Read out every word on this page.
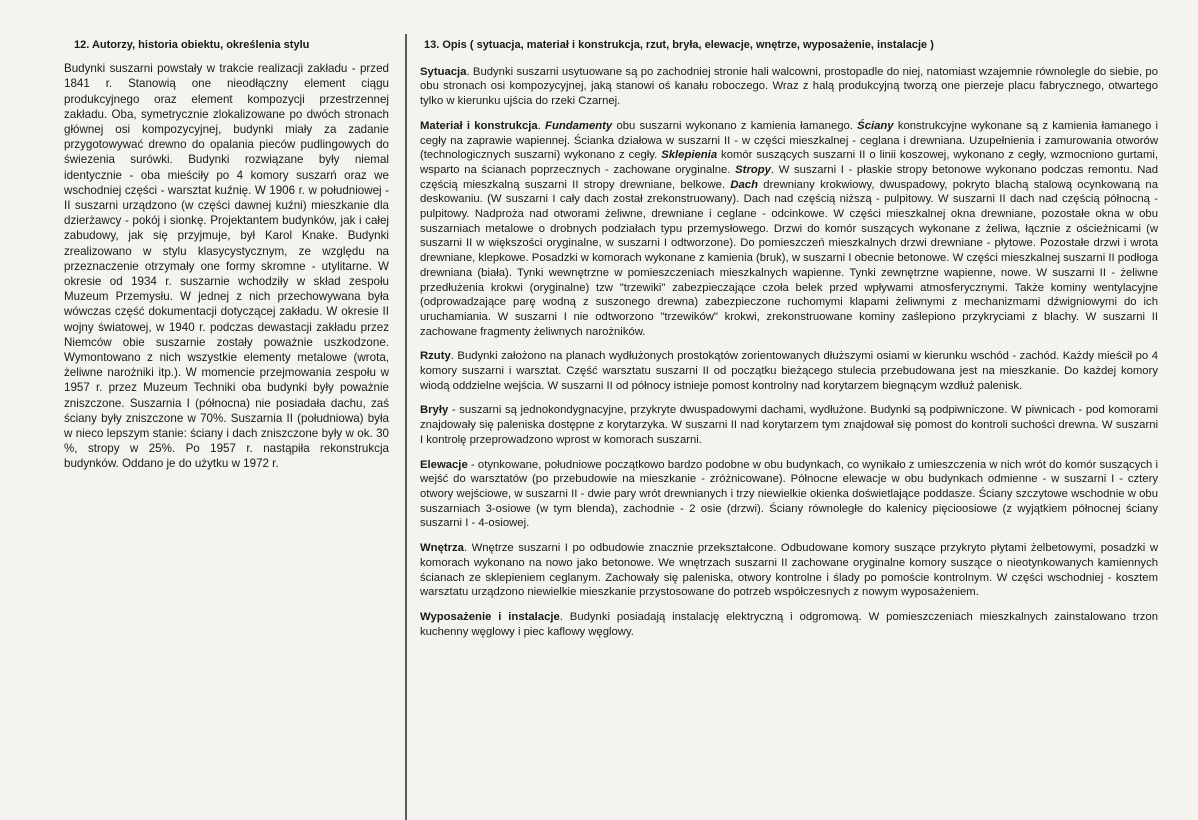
12. Autorzy, historia obiektu, określenia stylu

Budynki suszarni powstały w trakcie realizacji zakładu - przed 1841 r. Stanowią one nieodłączny element ciągu produkcyjnego oraz element kompozycji przestrzennej zakładu. Oba, symetrycznie zlokalizowane po dwóch stronach głównej osi kompozycyjnej, budynki miały za zadanie przygotowywać drewno do opalania pieców pudlingowych do świezenia surówki. Budynki rozwiązane były niemal identycznie - oba mieściły po 4 komory suszarń oraz we wschodniej części - warsztat kuźnię. W 1906 r. w południowej - II suszarni urządzono (w części dawnej kuźni) mieszkanie dla dzierżawcy - pokój i sionkę. Projektantem budynków, jak i całej zabudowy, jak się przyjmuje, był Karol Knake. Budynki zrealizowano w stylu klasycystycznym, ze względu na przeznaczenie otrzymały one formy skromne - utylitarne. W okresie od 1934 r. suszarnie wchodziły w skład zespołu Muzeum Przemysłu. W jednej z nich przechowywana była wówczas część dokumentacji dotyczącej zakładu. W okresie II wojny światowej, w 1940 r. podczas dewastacji zakładu przez Niemców obie suszarnie zostały poważnie uszkodzone. Wymontowano z nich wszystkie elementy metalowe (wrota, żeliwne narożniki itp.). W momencie przejmowania zespołu w 1957 r. przez Muzeum Techniki oba budynki były poważnie zniszczone. Suszarnia I (północna) nie posiadała dachu, zaś ściany były zniszczone w 70%. Suszarnia II (południowa) była w nieco lepszym stanie: ściany i dach zniszczone były w ok. 30 %, stropy w 25%. Po 1957 r. nastąpiła rekonstrukcja budynków. Oddano je do użytku w 1972 r.

13. Opis ( sytuacja, materiał i konstrukcja, rzut, bryła, elewacje, wnętrze, wyposażenie, instalacje )

Sytuacja. Budynki suszarni usytuowane są po zachodniej stronie hali walcowni, prostopadle do niej, natomiast wzajemnie równolegle do siebie, po obu stronach osi kompozycyjnej, jaką stanowi oś kanału roboczego. Wraz z halą produkcyjną tworzą one pierzeje placu fabrycznego, otwartego tylko w kierunku ujścia do rzeki Czarnej.

Materiał i konstrukcja. Fundamenty obu suszarni wykonano z kamienia łamanego. Ściany konstrukcyjne wykonane są z kamienia łamanego i cegły na zaprawie wapiennej. Ścianka działowa w suszarni II - w części mieszkalnej - ceglana i drewniana. Uzupełnienia i zamurowania otworów (technologicznych suszarni) wykonano z cegły. Sklepienia komór suszących suszarni II o linii koszowej, wykonano z cegły, wzmocniono gurtami, wsparto na ścianach poprzecznych - zachowane oryginalne. Stropy. W suszarni I - płaskie stropy betonowe wykonano podczas remontu. Nad częścią mieszkalną suszarni II stropy drewniane, belkowe. Dach drewniany krokwiowy, dwuspadowy, pokryto blachą stalową ocynkowaną na deskowaniu. (W suszarni I cały dach został zrekonstruowany). Dach nad częścią niższą - pulpitowy. W suszarni II dach nad częścią północną - pulpitowy. Nadproża nad otworami żeliwne, drewniane i ceglane - odcinkowe. W części mieszkalnej okna drewniane, pozostałe okna w obu suszarniach metalowe o drobnych podziałach typu przemysłowego. Drzwi do komór suszących wykonane z żeliwa, łącznie z ościeżnicami (w suszarni II w większości oryginalne, w suszarni I odtworzone). Do pomieszczeń mieszkalnych drzwi drewniane - płytowe. Pozostałe drzwi i wrota drewniane, klepkowe. Posadzki w komorach wykonane z kamienia (bruk), w suszarni I obecnie betonowe. W części mieszkalnej suszarni II podłoga drewniana (biała). Tynki wewnętrzne w pomieszczeniach mieszkalnych wapienne. Tynki zewnętrzne wapienne, nowe. W suszarni II - żeliwne przedłużenia krokwi (oryginalne) tzw "trzewiki" zabezpieczające czoła belek przed wpływami atmosferycznymi. Także kominy wentylacyjne (odprowadzające parę wodną z suszonego drewna) zabezpieczone ruchomymi klapami żeliwnymi z mechanizmami dźwigniowymi do ich uruchamiania. W suszarni I nie odtworzono "trzewików" krokwi, zrekonstruowane kominy zaślepiono przykryciami z blachy. W suszarni II zachowane fragmenty żeliwnych narożników.

Rzuty. Budynki założono na planach wydłużonych prostokątów zorientowanych dłuższymi osiami w kierunku wschód - zachód. Każdy mieścił po 4 komory suszarni i warsztat. Część warsztatu suszarni II od początku bieżącego stulecia przebudowana jest na mieszkanie. Do każdej komory wiodą oddzielne wejścia. W suszarni II od północy istnieje pomost kontrolny nad korytarzem biegnącym wzdłuż palenisk.

Bryły - suszarni są jednokondygnacyjne, przykryte dwuspadowymi dachami, wydłużone. Budynki są podpiwniczone. W piwnicach - pod komorami znajdowały się paleniska dostępne z korytarzyka. W suszarni II nad korytarzem tym znajdował się pomost do kontroli suchości drewna. W suszarni I kontrolę przeprowadzono wprost w komorach suszarni.

Elewacje - otynkowane, południowe początkowo bardzo podobne w obu budynkach, co wynikało z umieszczenia w nich wrót do komór suszących i wejść do warsztatów (po przebudowie na mieszkanie - zróżnicowane). Północne elewacje w obu budynkach odmienne - w suszarni I - cztery otwory wejściowe, w suszarni II - dwie pary wrót drewnianych i trzy niewielkie okienka doświetlające poddasze. Ściany szczytowe wschodnie w obu suszarniach 3-osiowe (w tym blenda), zachodnie - 2 osie (drzwi). Ściany równoległe do kalenicy pięcioosiowe (z wyjątkiem północnej ściany suszarni I - 4-osiowej.

Wnętrza. Wnętrze suszarni I po odbudowie znacznie przekształcone. Odbudowane komory suszące przykryto płytami żelbetowymi, posadzki w komorach wykonano na nowo jako betonowe. We wnętrzach suszarni II zachowane oryginalne komory suszące o nieotynkowanych kamiennych ścianach ze sklepieniem ceglanym. Zachowały się paleniska, otwory kontrolne i ślady po pomoście kontrolnym. W części wschodniej - kosztem warsztatu urządzono niewielkie mieszkanie przystosowane do potrzeb współczesnych z nowym wyposażeniem.

Wyposażenie i instalacje. Budynki posiadają instalację elektryczną i odgromową. W pomieszczeniach mieszkalnych zainstalowano trzon kuchenny węglowy i piec kaflowy węglowy.
